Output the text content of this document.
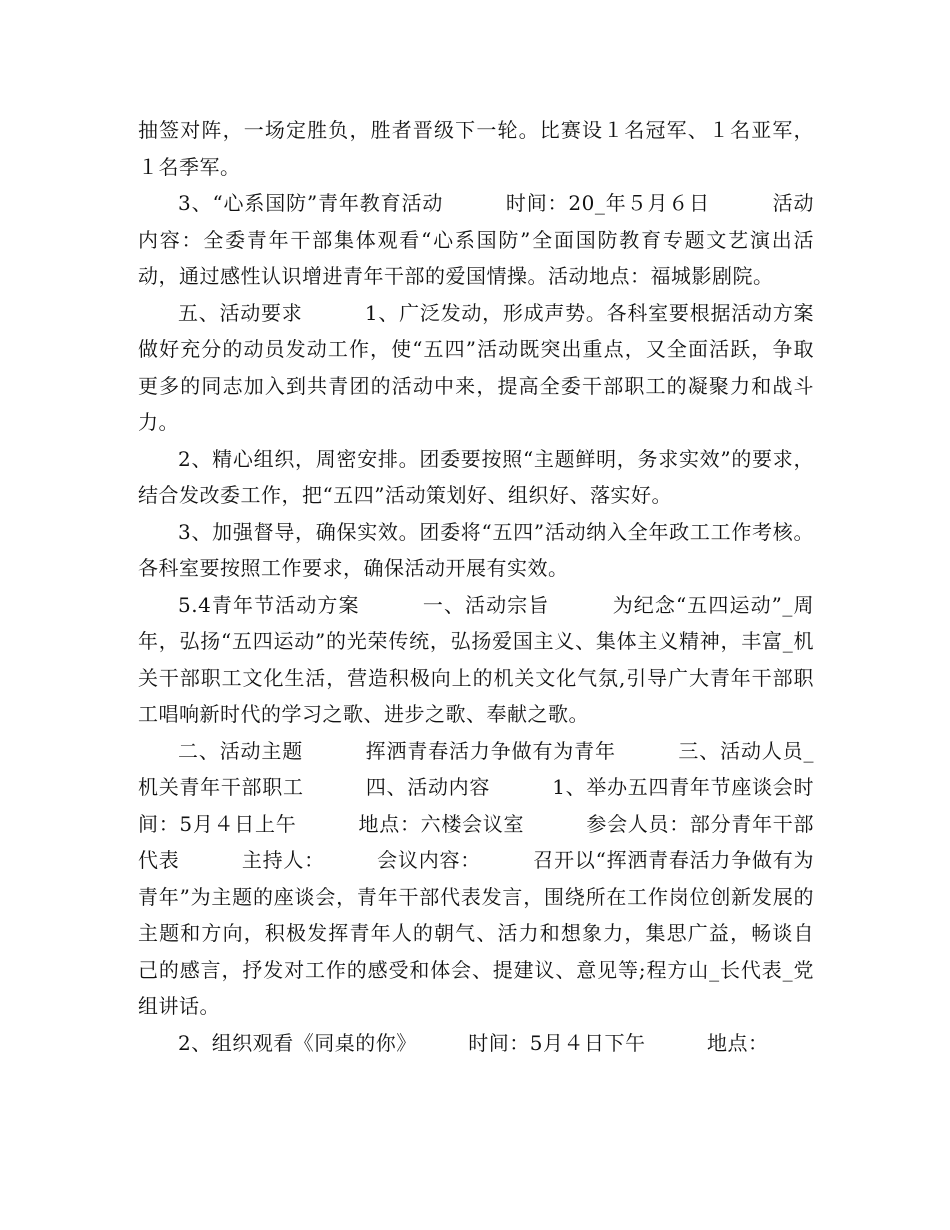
抽签对阵，一场定胜负，胜者晋级下一轮。比赛设１名冠军、１名亚军，１名季军。

3、“心系国防”青年教育活动　　　时间：20_年５月６日　　　活动内容：全委青年干部集体观看“心系国防”全面国防教育专题文艺演出活动，通过感性认识增进青年干部的爱国情操。活动地点：福城影剧院。

五、活动要求　　　1、广泛发动，形成声势。各科室要根据活动方案做好充分的动员发动工作，使“五四”活动既突出重点，又全面活跃，争取更多的同志加入到共青团的活动中来，提高全委干部职工的凝聚力和战斗力。

2、精心组织，周密安排。团委要按照“主题鲜明，务求实效”的要求，结合发改委工作，把“五四”活动策划好、组织好、落实好。

3、加强督导，确保实效。团委将“五四”活动纳入全年政工工作考核。各科室要按照工作要求，确保活动开展有实效。

5.4青年节活动方案　　　一、活动宗旨　　　为纪念“五四运动”_周年，弘扬“五四运动”的光荣传统，弘扬爱国主义、集体主义精神，丰富_机关干部职工文化生活，营造积极向上的机关文化气氛,引导广大青年干部职工唱响新时代的学习之歌、进步之歌、奉献之歌。

二、活动主题　　　挥洒青春活力争做有为青年　　　三、活动人员_机关青年干部职工　　　四、活动内容　　　1、举办五四青年节座谈会时间：5月４日上午　　　地点：六楼会议室　　　参会人员：部分青年干部代表　　　主持人：　　　会议内容：　　　召开以“挥洒青春活力争做有为青年”为主题的座谈会，青年干部代表发言，围绕所在工作岗位创新发展的主题和方向，积极发挥青年人的朝气、活力和想象力，集思广益，畅谈自己的感言，抒发对工作的感受和体会、提建议、意见等;程方山_长代表_党组讲话。

2、组织观看《同桌的你》　　　时间：5月４日下午　　　地点：
